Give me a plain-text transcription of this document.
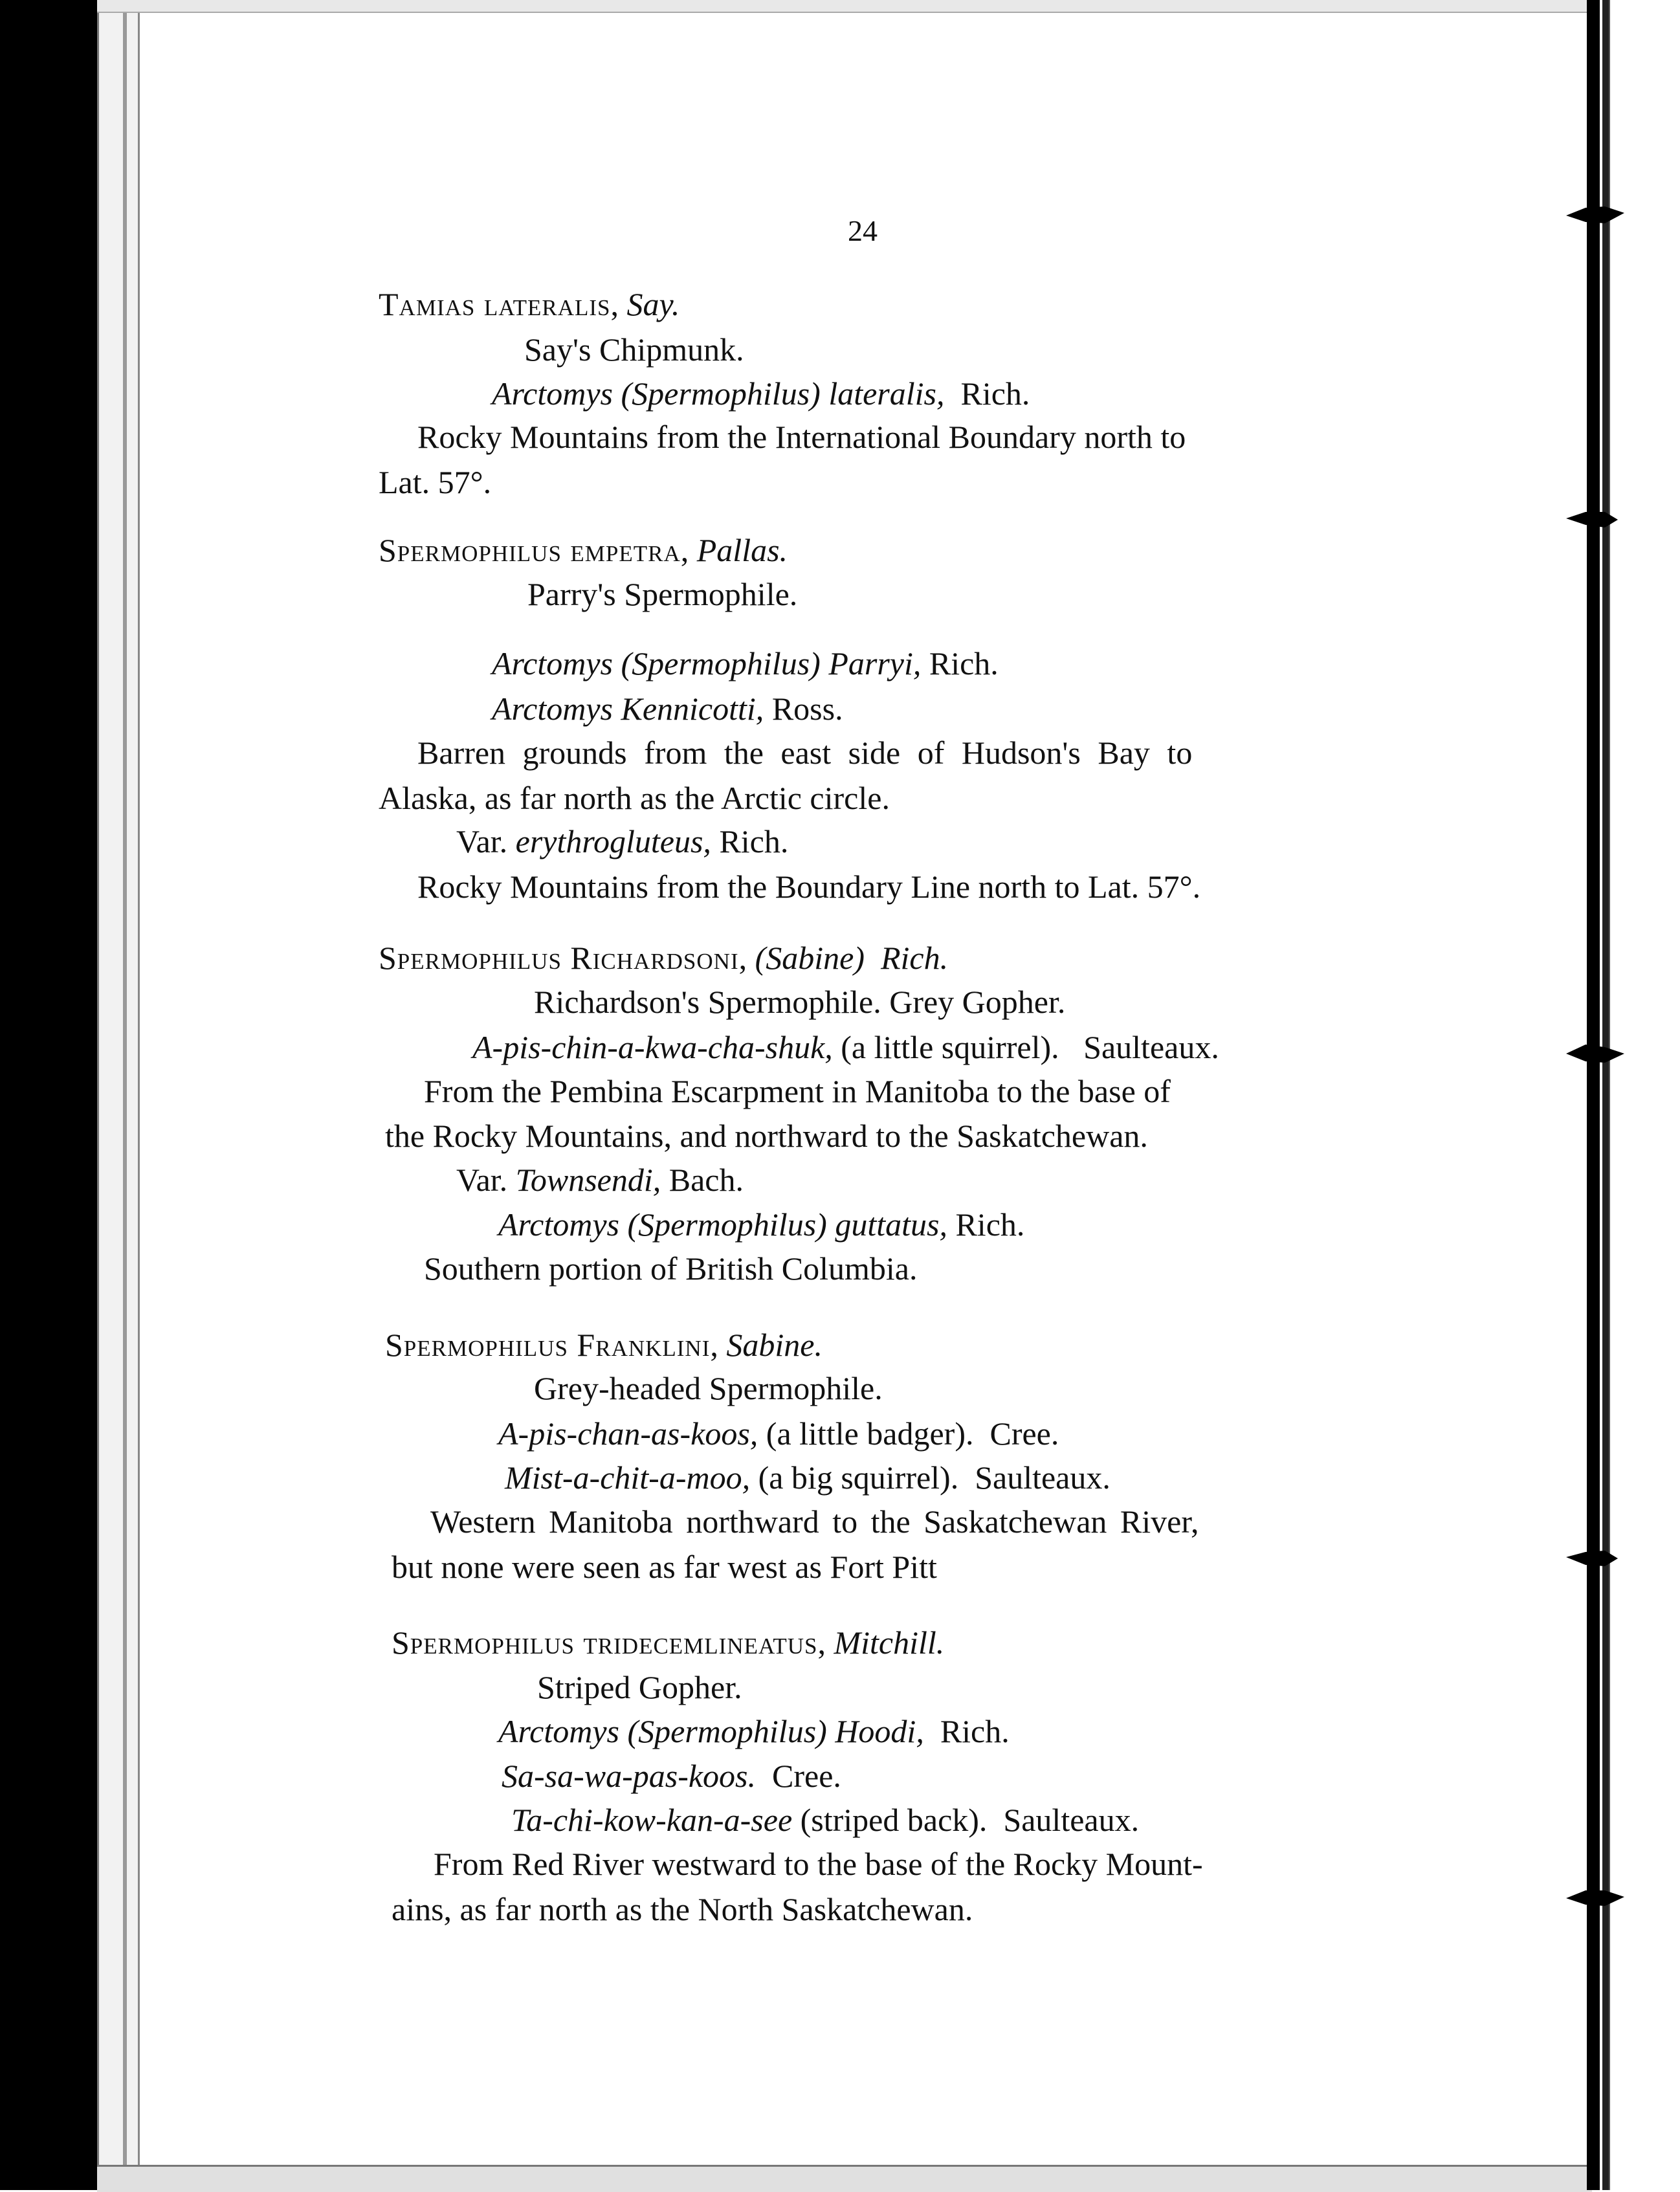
24
Tamias lateralis, Say.
Say's Chipmunk.
Arctomys (Spermophilus) lateralis, Rich.
Rocky Mountains from the International Boundary north to
Lat. 57°.
Spermophilus empetra, Pallas.
Parry's Spermophile.
Arctomys (Spermophilus) Parryi, Rich.
Arctomys Kennicotti, Ross.
Barren grounds from the east side of Hudson's Bay to
Alaska, as far north as the Arctic circle.
Var. erythrogluteus, Rich.
Rocky Mountains from the Boundary Line north to Lat. 57°.
Spermophilus Richardsoni, (Sabine) Rich.
Richardson's Spermophile. Grey Gopher.
A-pis-chin-a-kwa-cha-shuk, (a little squirrel). Saulteaux.
From the Pembina Escarpment in Manitoba to the base of
the Rocky Mountains, and northward to the Saskatchewan.
Var. Townsendi, Bach.
Arctomys (Spermophilus) guttatus, Rich.
Southern portion of British Columbia.
Spermophilus Franklini, Sabine.
Grey-headed Spermophile.
A-pis-chan-as-koos, (a little badger). Cree.
Mist-a-chit-a-moo, (a big squirrel). Saulteaux.
Western Manitoba northward to the Saskatchewan River,
but none were seen as far west as Fort Pitt
Spermophilus tridecemlineatus, Mitchill.
Striped Gopher.
Arctomys (Spermophilus) Hoodi, Rich.
Sa-sa-wa-pas-koos. Cree.
Ta-chi-kow-kan-a-see (striped back). Saulteaux.
From Red River westward to the base of the Rocky Mount-
ains, as far north as the North Saskatchewan.
